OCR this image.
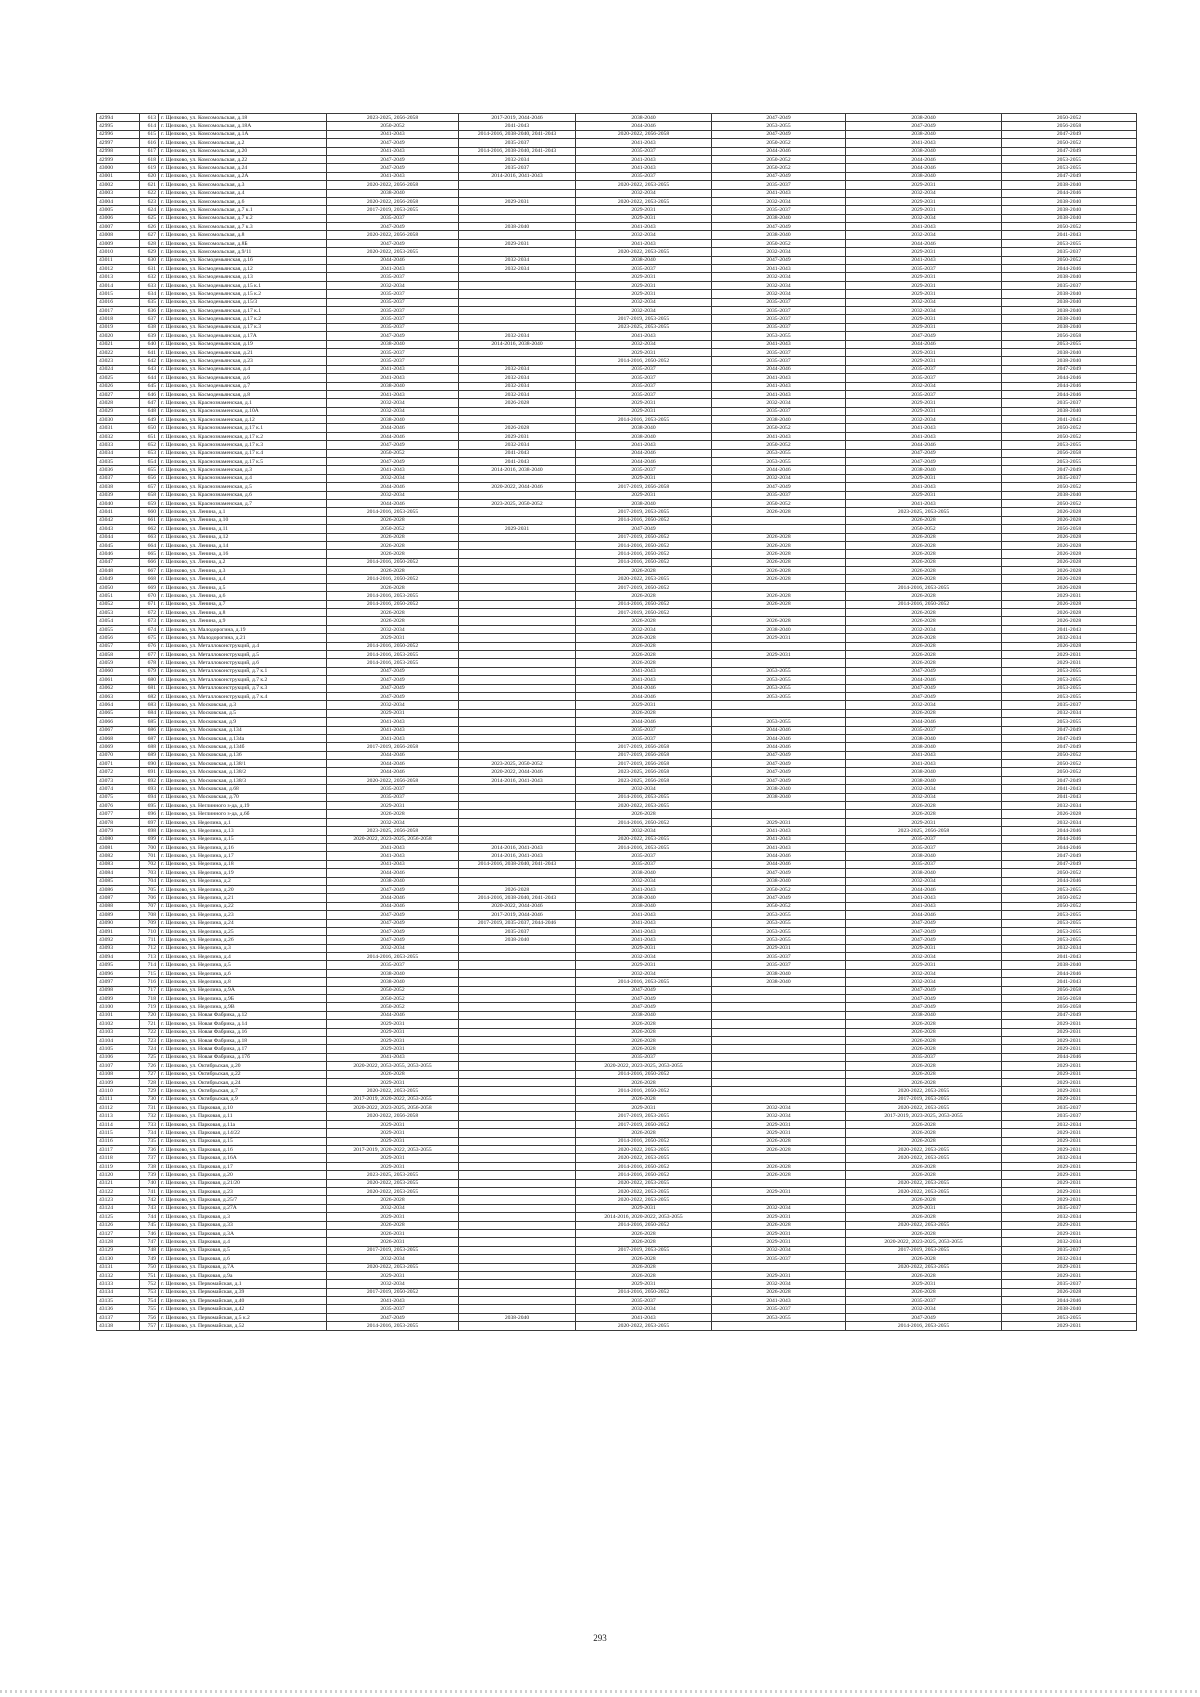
42994	613	г. Щелково, ул. Комсомольская, д.18	2023-2025, 2056-2058	2017-2019, 2044-2046	2038-2040	2047-2049	2038-2040	2050-2052
42995	614	г. Щелково, ул. Комсомольская, д.18А	2050-2052	2041-2043	2044-2046	2053-2055	2047-2049	2056-2058
42996	615	г. Щелково, ул. Комсомольская, д.1А	2041-2043	2014-2016, 2038-2040, 2041-2043	2020-2022, 2056-2058	2047-2049	2038-2040	2047-2049
42997	616	г. Щелково, ул. Комсомольская, д.2	2047-2049	2035-2037	2041-2043	2050-2052	2041-2043	2050-2052
42998	617	г. Щелково, ул. Комсомольская, д.20	2041-2043	2014-2016, 2038-2040, 2041-2043	2035-2037	2044-2046	2038-2040	2047-2049
42999	618	г. Щелково, ул. Комсомольская, д.22	2047-2049	2032-2034	2041-2043	2050-2052	2044-2046	2053-2055
43000	619	г. Щелково, ул. Комсомольская, д.24	2047-2049	2035-2037	2041-2043	2050-2052	2044-2046	2053-2055
43001	620	г. Щелково, ул. Комсомольская, д.2А	2041-2043	2014-2016, 2041-2043	2035-2037	2047-2049	2038-2040	2047-2049
43002	621	г. Щелково, ул. Комсомольская, д.3	2020-2022, 2056-2058		2020-2022, 2053-2055	2035-2037	2029-2031	2038-2040
43003	622	г. Щелково, ул. Комсомольская, д.4	2038-2040		2032-2034	2041-2043	2032-2034	2044-2046
43004	623	г. Щелково, ул. Комсомольская, д.6	2020-2022, 2056-2058	2029-2031	2020-2022, 2053-2055	2032-2034	2029-2031	2038-2040
43005	624	г. Щелково, ул. Комсомольская, д.7 к.1	2017-2019, 2053-2055		2029-2031	2035-2037	2029-2031	2038-2040
43006	625	г. Щелково, ул. Комсомольская, д.7 к.2	2035-2037		2029-2031	2038-2040	2032-2034	2038-2040
43007	626	г. Щелково, ул. Комсомольская, д.7 к.3	2047-2049	2038-2040	2041-2043	2047-2049	2041-2043	2050-2052
43008	627	г. Щелково, ул. Комсомольская, д.8	2020-2022, 2056-2058		2032-2034	2038-2040	2032-2034	2041-2043
43009	628	г. Щелково, ул. Комсомольская, д.8Б	2047-2049	2029-2031	2041-2043	2050-2052	2044-2046	2053-2055
43010	629	г. Щелково, ул. Комсомольская, д.9/11	2020-2022, 2053-2055		2020-2022, 2053-2055	2032-2034	2029-2031	2035-2037
43011	630	г. Щелково, ул. Космодемьянская, д.16	2044-2046	2032-2034	2038-2040	2047-2049	2041-2043	2050-2052
43012	631	г. Щелково, ул. Космодемьянская, д.12	2041-2043	2032-2034	2035-2037	2041-2043	2035-2037	2044-2046
43013	632	г. Щелково, ул. Космодемьянская, д.13	2035-2037		2029-2031	2032-2034	2029-2031	2038-2040
43014	633	г. Щелково, ул. Космодемьянская, д.15 к.1	2032-2034		2029-2031	2032-2034	2029-2031	2035-2037
43015	634	г. Щелково, ул. Космодемьянская, д.15 к.2	2035-2037		2029-2031	2032-2034	2029-2031	2038-2040
43016	635	г. Щелково, ул. Космодемьянская, д.15/3	2035-2037		2032-2034	2035-2037	2032-2034	2038-2040
43017	636	г. Щелково, ул. Космодемьянская, д.17 к.1	2035-2037		2032-2034	2035-2037	2032-2034	2038-2040
43018	637	г. Щелково, ул. Космодемьянская, д.17 к.2	2035-2037		2017-2019, 2053-2055	2035-2037	2029-2031	2038-2040
43019	638	г. Щелково, ул. Космодемьянская, д.17 к.3	2035-2037		2023-2025, 2053-2055	2035-2037	2029-2031	2038-2040
43020	639	г. Щелково, ул. Космодемьянская, д.17А	2047-2049	2032-2034	2041-2043	2053-2055	2047-2049	2056-2058
43021	640	г. Щелково, ул. Космодемьянская, д.19	2038-2040	2014-2016, 2038-2040	2032-2034	2041-2043	2044-2046	2053-2055
43022	641	г. Щелково, ул. Космодемьянская, д.21	2035-2037		2029-2031	2035-2037	2029-2031	2038-2040
43023	642	г. Щелково, ул. Космодемьянская, д.23	2035-2037		2014-2016, 2050-2052	2035-2037	2029-2031	2038-2040
43024	643	г. Щелково, ул. Космодемьянская, д.4	2041-2043	2032-2034	2035-2037	2044-2046	2035-2037	2047-2049
43025	644	г. Щелково, ул. Космодемьянская, д.6	2041-2043	2032-2034	2035-2037	2041-2043	2035-2037	2044-2046
43026	645	г. Щелково, ул. Космодемьянская, д.7	2038-2040	2032-2034	2035-2037	2041-2043	2032-2034	2044-2046
43027	646	г. Щелково, ул. Космодемьянская, д.8	2041-2043	2032-2034	2035-2037	2041-2043	2035-2037	2044-2046
43028	647	г. Щелково, ул. Краснознаменская, д.1	2032-2034	2026-2028	2029-2031	2032-2034	2029-2031	2035-2037
43029	648	г. Щелково, ул. Краснознаменская, д.10А	2032-2034		2029-2031	2035-2037	2029-2031	2038-2040
43030	649	г. Щелково, ул. Краснознаменская, д.12	2038-2040		2014-2016, 2053-2055	2038-2040	2032-2034	2041-2043
43031	650	г. Щелково, ул. Краснознаменская, д.17 к.1	2044-2046	2026-2028	2038-2040	2050-2052	2041-2043	2050-2052
43032	651	г. Щелково, ул. Краснознаменская, д.17 к.2	2044-2046	2029-2031	2038-2040	2041-2043	2041-2043	2050-2052
43033	652	г. Щелково, ул. Краснознаменская, д.17 к.3	2047-2049	2032-2034	2041-2043	2050-2052	2044-2046	2053-2055
43034	653	г. Щелково, ул. Краснознаменская, д.17 к.4	2050-2052	2041-2043	2044-2046	2053-2055	2047-2049	2056-2058
43035	654	г. Щелково, ул. Краснознаменская, д.17 к.5	2047-2049	2041-2043	2044-2046	2053-2055	2047-2049	2053-2055
43036	655	г. Щелково, ул. Краснознаменская, д.3	2041-2043	2014-2016, 2038-2040	2035-2037	2044-2046	2038-2040	2047-2049
43037	656	г. Щелково, ул. Краснознаменская, д.4	2032-2034		2029-2031	2032-2034	2029-2031	2035-2037
43038	657	г. Щелково, ул. Краснознаменская, д.5	2044-2046	2020-2022, 2044-2046	2017-2019, 2056-2058	2047-2049	2041-2043	2050-2052
43039	658	г. Щелково, ул. Краснознаменская, д.6	2032-2034		2029-2031	2035-2037	2029-2031	2038-2040
43040	659	г. Щелково, ул. Краснознаменская, д.7	2044-2046	2023-2025, 2050-2052	2038-2040	2050-2052	2041-2043	2050-2052
43041	660	г. Щелково, ул. Ленина, д.1	2014-2016, 2053-2055		2017-2019, 2053-2055	2026-2028	2023-2025, 2053-2055	2026-2028
43042	661	г. Щелково, ул. Ленина, д.10	2026-2028		2014-2016, 2050-2052		2026-2028	2026-2028
43043	662	г. Щелково, ул. Ленина, д.11	2050-2052	2029-2031	2047-2049		2050-2052	2056-2058
43044	663	г. Щелково, ул. Ленина, д.12	2026-2028		2017-2019, 2050-2052	2026-2028	2026-2028	2026-2028
43045	664	г. Щелково, ул. Ленина, д.14	2026-2028		2014-2016, 2050-2052	2026-2028	2026-2028	2026-2028
43046	665	г. Щелково, ул. Ленина, д.16	2026-2028		2014-2016, 2050-2052	2026-2028	2026-2028	2026-2028
43047	666	г. Щелково, ул. Ленина, д.2	2014-2016, 2050-2052		2014-2016, 2050-2052	2026-2028	2026-2028	2026-2028
43048	667	г. Щелково, ул. Ленина, д.3	2026-2028		2026-2028	2026-2028	2026-2028	2026-2028
43049	668	г. Щелково, ул. Ленина, д.4	2014-2016, 2050-2052		2020-2022, 2053-2055	2026-2028	2026-2028	2026-2028
43050	669	г. Щелково, ул. Ленина, д.5	2026-2028		2017-2019, 2050-2052		2014-2016, 2053-2055	2026-2028
43051	670	г. Щелково, ул. Ленина, д.6	2014-2016, 2053-2055		2026-2028	2026-2028	2026-2028	2029-2031
43052	671	г. Щелково, ул. Ленина, д.7	2014-2016, 2050-2052		2014-2016, 2050-2052	2026-2028	2014-2016, 2050-2052	2026-2028
43053	672	г. Щелково, ул. Ленина, д.8	2026-2028		2017-2019, 2050-2052		2026-2028	2026-2028
43054	673	г. Щелково, ул. Ленина, д.9	2026-2028		2026-2028	2026-2028	2026-2028	2026-2028
43055	674	г. Щелково, ул. Малодорогина, д.19	2032-2034		2032-2034	2038-2040	2032-2034	2041-2043
43056	675	г. Щелково, ул. Малодорогина, д.21	2029-2031		2026-2028	2029-2031	2026-2028	2032-2034
43057	676	г. Щелково, ул. Металлоконструкций, д.4	2014-2016, 2050-2052		2026-2028		2026-2028	2026-2028
43058	677	г. Щелково, ул. Металлоконструкций, д.5	2014-2016, 2053-2055		2026-2028	2029-2031	2026-2028	2029-2031
43059	678	г. Щелково, ул. Металлоконструкций, д.6	2014-2016, 2053-2055		2026-2028		2026-2028	2029-2031
43060	679	г. Щелково, ул. Металлоконструкций, д.7 к.1	2047-2049		2041-2043	2053-2055	2047-2049	2053-2055
43061	680	г. Щелково, ул. Металлоконструкций, д.7 к.2	2047-2049		2041-2043	2053-2055	2044-2046	2053-2055
43062	681	г. Щелково, ул. Металлоконструкций, д.7 к.3	2047-2049		2044-2046	2053-2055	2047-2049	2053-2055
43063	682	г. Щелково, ул. Металлоконструкций, д.7 к.4	2047-2049		2044-2046	2053-2055	2047-2049	2053-2055
43064	683	г. Щелково, ул. Московская, д.3	2032-2034		2029-2031		2032-2034	2035-2037
43065	684	г. Щелково, ул. Московская, д.5	2029-2031		2026-2028		2026-2028	2032-2034
43066	685	г. Щелково, ул. Московская, д.9	2041-2043		2044-2046	2053-2055	2044-2046	2053-2055
43067	686	г. Щелково, ул. Московская, д.134	2041-2043		2035-2037	2044-2046	2035-2037	2047-2049
43068	687	г. Щелково, ул. Московская, д.134а	2041-2043		2035-2037	2044-2046	2038-2040	2047-2049
43069	688	г. Щелково, ул. Московская, д.134б	2017-2019, 2056-2058		2017-2019, 2056-2058	2044-2046	2038-2040	2047-2049
43070	689	г. Щелково, ул. Московская, д.136	2044-2046		2017-2019, 2056-2058	2047-2049	2041-2043	2050-2052
43071	690	г. Щелково, ул. Московская, д.138/1	2044-2046	2023-2025, 2050-2052	2017-2019, 2056-2058	2047-2049	2041-2043	2050-2052
43072	691	г. Щелково, ул. Московская, д.138/2	2044-2046	2020-2022, 2044-2046	2023-2025, 2056-2058	2047-2049	2038-2040	2050-2052
43073	692	г. Щелково, ул. Московская, д.138/3	2020-2022, 2056-2058	2014-2016, 2041-2043	2023-2025, 2056-2058	2047-2049	2038-2040	2047-2049
43074	693	г. Щелково, ул. Московская, д.68	2035-2037		2032-2034	2038-2040	2032-2034	2041-2043
43075	694	г. Щелково, ул. Московская, д.70	2035-2037		2014-2016, 2053-2055	2038-2040	2032-2034	2041-2043
43076	695	г. Щелково, ул. Неглинного з-да, д.19	2029-2031		2020-2022, 2053-2055		2026-2028	2032-2034
43077	696	г. Щелково, ул. Неглинного з-да, д.6б	2026-2028		2026-2028		2026-2028	2026-2028
43078	697	г. Щелково, ул. Неделина, д.1	2032-2034		2014-2016, 2050-2052	2029-2031	2029-2031	2032-2034
43079	698	г. Щелково, ул. Неделина, д.13	2023-2025, 2056-2058		2032-2034	2041-2043	2023-2025, 2056-2058	2044-2046
43080	699	г. Щелково, ул. Неделина, д.15	2020-2022, 2023-2025, 2056-2058		2020-2022, 2053-2055	2041-2043	2035-2037	2044-2046
43081	700	г. Щелково, ул. Неделина, д.16	2041-2043	2014-2016, 2041-2043	2014-2016, 2053-2055	2041-2043	2035-2037	2044-2046
43082	701	г. Щелково, ул. Неделина, д.17	2041-2043	2014-2016, 2041-2043	2035-2037	2044-2046	2038-2040	2047-2049
43083	702	г. Щелково, ул. Неделина, д.18	2041-2043	2014-2016, 2038-2040, 2041-2043	2035-2037	2044-2046	2035-2037	2047-2049
43084	703	г. Щелково, ул. Неделина, д.19	2044-2046		2038-2040	2047-2049	2038-2040	2050-2052
43085	704	г. Щелково, ул. Неделина, д.2	2038-2040		2032-2034	2038-2040	2032-2034	2044-2046
43086	705	г. Щелково, ул. Неделина, д.20	2047-2049	2026-2028	2041-2043	2050-2052	2044-2046	2053-2055
43087	706	г. Щелково, ул. Неделина, д.21	2044-2046	2014-2016, 2038-2040, 2041-2043	2038-2040	2047-2049	2041-2043	2050-2052
43088	707	г. Щелково, ул. Неделина, д.22	2044-2046	2020-2022, 2044-2046	2038-2040	2050-2052	2041-2043	2050-2052
43089	708	г. Щелково, ул. Неделина, д.23	2047-2049	2017-2019, 2044-2046	2041-2043	2053-2055	2044-2046	2053-2055
43090	709	г. Щелково, ул. Неделина, д.24	2047-2049	2017-2019, 2035-2037, 2044-2046	2041-2043	2053-2055	2047-2049	2053-2055
43091	710	г. Щелково, ул. Неделина, д.25	2047-2049	2035-2037	2041-2043	2053-2055	2047-2049	2053-2055
43092	711	г. Щелково, ул. Неделина, д.26	2047-2049	2038-2040	2041-2043	2053-2055	2047-2049	2053-2055
43093	712	г. Щелково, ул. Неделина, д.3	2032-2034		2029-2031	2029-2031	2029-2031	2032-2034
43094	713	г. Щелково, ул. Неделина, д.4	2014-2016, 2053-2055		2032-2034	2035-2037	2032-2034	2041-2043
43095	714	г. Щелково, ул. Неделина, д.5	2035-2037		2029-2031	2035-2037	2029-2031	2038-2040
43096	715	г. Щелково, ул. Неделина, д.6	2038-2040		2032-2034	2038-2040	2032-2034	2044-2046
43097	716	г. Щелково, ул. Неделина, д.8	2038-2040		2014-2016, 2053-2055	2038-2040	2032-2034	2041-2043
43098	717	г. Щелково, ул. Неделина, д.9А	2050-2052		2047-2049		2047-2049	2056-2058
43099	718	г. Щелково, ул. Неделина, д.9Б	2050-2052		2047-2049		2047-2049	2056-2058
43100	719	г. Щелково, ул. Неделина, д.9В	2050-2052		2047-2049		2047-2049	2056-2058
43101	720	г. Щелково, ул. Новая Фабрика, д.12	2044-2046		2038-2040		2038-2040	2047-2049
43102	721	г. Щелково, ул. Новая Фабрика, д.14	2029-2031		2026-2028		2026-2028	2029-2031
43103	722	г. Щелково, ул. Новая Фабрика, д.16	2029-2031		2026-2028		2026-2028	2029-2031
43104	723	г. Щелково, ул. Новая Фабрика, д.18	2029-2031		2026-2028		2026-2028	2029-2031
43105	724	г. Щелково, ул. Новая Фабрика, д.17	2029-2031		2026-2028		2026-2028	2029-2031
43106	725	г. Щелково, ул. Новая Фабрика, д.17б	2041-2043		2035-2037		2035-2037	2044-2046
43107	726	г. Щелково, ул. Октябрьская, д.20	2020-2022, 2053-2055, 2053-2055		2020-2022, 2023-2025, 2053-2055		2026-2028	2029-2031
43108	727	г. Щелково, ул. Октябрьская, д.22	2026-2028		2014-2016, 2050-2052		2026-2028	2029-2031
43109	728	г. Щелково, ул. Октябрьская, д.24	2029-2031		2026-2028		2026-2028	2029-2031
43110	729	г. Щелково, ул. Октябрьская, д.7	2020-2022, 2053-2055		2014-2016, 2050-2052		2020-2022, 2053-2055	2029-2031
43111	730	г. Щелково, ул. Октябрьская, д.9	2017-2019, 2020-2022, 2053-2055		2026-2028		2017-2019, 2053-2055	2029-2031
43112	731	г. Щелково, ул. Парковая, д.10	2020-2022, 2023-2025, 2056-2058		2029-2031	2032-2034	2020-2022, 2053-2055	2035-2037
43113	732	г. Щелково, ул. Парковая, д.11	2020-2022, 2056-2058		2017-2019, 2053-2055	2032-2034	2017-2019, 2023-2025, 2053-2055	2035-2037
43114	733	г. Щелково, ул. Парковая, д.11а	2029-2031		2017-2019, 2050-2052	2029-2031	2026-2028	2032-2034
43115	734	г. Щелково, ул. Парковая, д.14/22	2029-2031		2026-2028	2029-2031	2026-2028	2029-2031
43116	735	г. Щелково, ул. Парковая, д.15	2029-2031		2014-2016, 2050-2052	2026-2028	2026-2028	2029-2031
43117	736	г. Щелково, ул. Парковая, д.16	2017-2019, 2020-2022, 2053-2055		2020-2022, 2053-2055	2026-2028	2020-2022, 2053-2055	2029-2031
43118	737	г. Щелково, ул. Парковая, д.16А	2029-2031		2020-2022, 2053-2055		2020-2022, 2053-2055	2032-2034
43119	738	г. Щелково, ул. Парковая, д.17	2029-2031		2014-2016, 2050-2052	2026-2028	2026-2028	2029-2031
43120	739	г. Щелково, ул. Парковая, д.20	2023-2025, 2053-2055		2014-2016, 2050-2052	2026-2028	2026-2028	2029-2031
43121	740	г. Щелково, ул. Парковая, д.21/20	2020-2022, 2053-2055		2020-2022, 2053-2055		2020-2022, 2053-2055	2029-2031
43122	741	г. Щелково, ул. Парковая, д.23	2020-2022, 2053-2055		2020-2022, 2053-2055	2029-2031	2020-2022, 2053-2055	2029-2031
43123	742	г. Щелково, ул. Парковая, д.25/7	2026-2028		2020-2022, 2053-2055		2026-2028	2029-2031
43124	743	г. Щелково, ул. Парковая, д.27А	2032-2034		2029-2031	2032-2034	2029-2031	2035-2037
43125	744	г. Щелково, ул. Парковая, д.3	2029-2031		2014-2016, 2020-2022, 2053-2055	2029-2031	2026-2028	2032-2034
43126	745	г. Щелково, ул. Парковая, д.33	2026-2028		2014-2016, 2050-2052	2026-2028	2020-2022, 2053-2055	2029-2031
43127	746	г. Щелково, ул. Парковая, д.3А	2026-2031		2026-2028	2029-2031	2026-2028	2029-2031
43128	747	г. Щелково, ул. Парковая, д.4	2026-2031		2026-2028	2029-2031	2020-2022, 2023-2025, 2053-2055	2032-2034
43129	748	г. Щелково, ул. Парковая, д.5	2017-2019, 2053-2055		2017-2019, 2053-2055	2032-2034	2017-2019, 2053-2055	2035-2037
43130	749	г. Щелково, ул. Парковая, д.6	2032-2034		2026-2028	2035-2037	2026-2028	2032-2034
43131	750	г. Щелково, ул. Парковая, д.7А	2020-2022, 2053-2055		2026-2028		2020-2022, 2053-2055	2029-2031
43132	751	г. Щелково, ул. Парковая, д.9а	2029-2031		2026-2028	2029-2031	2026-2028	2029-2031
43133	752	г. Щелково, ул. Первомайская, д.1	2032-2034		2029-2031	2032-2034	2029-2031	2035-2037
43134	753	г. Щелково, ул. Первомайская, д.39	2017-2019, 2050-2052		2014-2016, 2050-2052	2026-2028	2026-2028	2026-2028
43135	754	г. Щелково, ул. Первомайская, д.40	2041-2043		2035-2037	2041-2043	2035-2037	2044-2046
43136	755	г. Щелково, ул. Первомайская, д.42	2035-2037		2032-2034	2035-2037	2032-2034	2038-2040
43137	756	г. Щелково, ул. Первомайская, д.5 к.2	2047-2049	2038-2040	2041-2043	2053-2055	2047-2049	2053-2055
43138	757	г. Щелково, ул. Первомайская, д.52	2014-2016, 2053-2055		2020-2022, 2053-2055		2014-2016, 2053-2055	2029-2031
293
